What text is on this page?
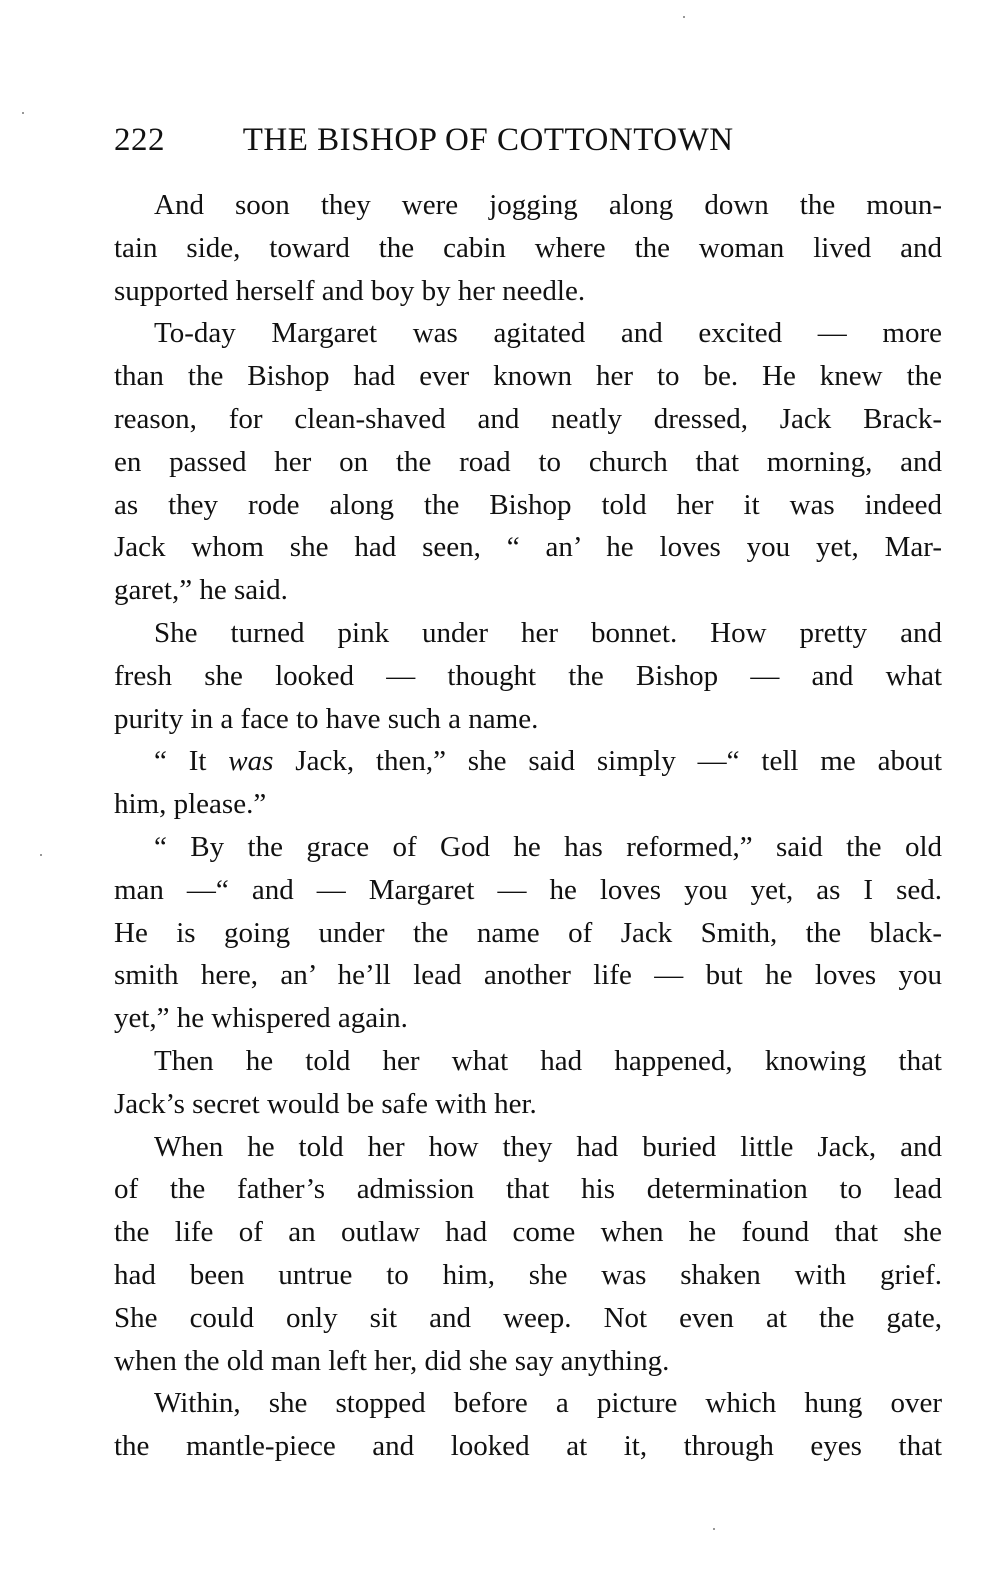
222 THE BISHOP OF COTTONTOWN
And soon they were jogging along down the moun-
tain side, toward the cabin where the woman lived and
supported herself and boy by her needle.
To-day Margaret was agitated and excited — more
than the Bishop had ever known her to be. He knew the
reason, for clean-shaved and neatly dressed, Jack Brack-
en passed her on the road to church that morning, and
as they rode along the Bishop told her it was indeed
Jack whom she had seen, “ an’ he loves you yet, Mar-
garet,” he said.
She turned pink under her bonnet. How pretty and
fresh she looked — thought the Bishop — and what
purity in a face to have such a name.
“ It was Jack, then,” she said simply —“ tell me about
him, please.”
“ By the grace of God he has reformed,” said the old
man —“ and — Margaret — he loves you yet, as I sed.
He is going under the name of Jack Smith, the black-
smith here, an’ he’ll lead another life — but he loves you
yet,” he whispered again.
Then he told her what had happened, knowing that
Jack’s secret would be safe with her.
When he told her how they had buried little Jack, and
of the father’s admission that his determination to lead
the life of an outlaw had come when he found that she
had been untrue to him, she was shaken with grief.
She could only sit and weep. Not even at the gate,
when the old man left her, did she say anything.
Within, she stopped before a picture which hung over
the mantle-piece and looked at it, through eyes that
